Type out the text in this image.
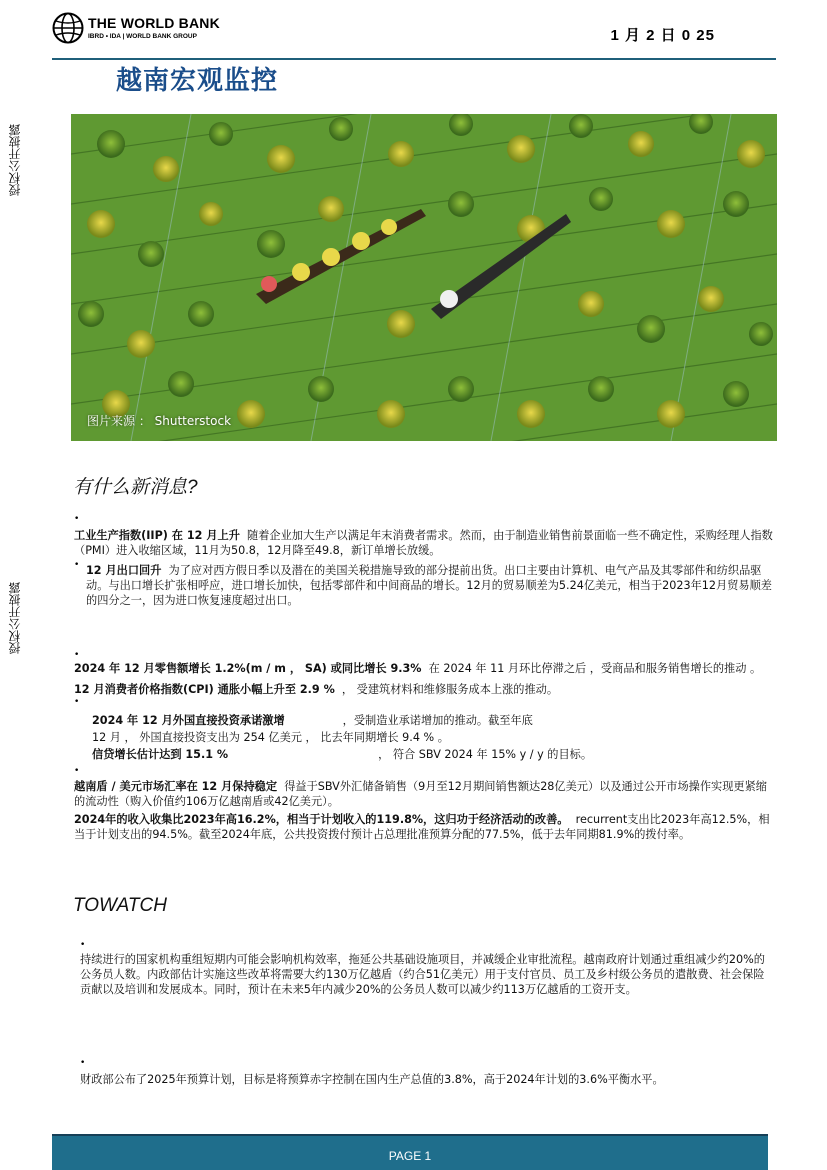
THE WORLD BANK
IBRD • IDA | WORLD BANK GROUP	1 月 2 日 0 25
越南宏观监控
授权公开披露
授权公开披露
图片来源 ： Shutterstock
有什么新消息?
•
工业生产指数(IIP) 在 12 月上升 随着企业加大生产以满足年末消费者需求。然而，由于制造业销售前景面临一些不确定性，采购经理人指数（PMI）进入收缩区域，11月为50.8，12月降至49.8，新订单增长放缓。
• 12 月出口回升 为了应对西方假日季以及潜在的美国关税措施导致的部分提前出货。出口主要由计算机、电气产品及其零部件和纺织品驱动。与出口增长扩张相呼应，进口增长加快，包括零部件和中间商品的增长。12月的贸易顺差为5.24亿美元，相当于2023年12月贸易顺差的四分之一，因为进口恢复速度超过出口。
•
2024 年 12 月零售额增长 1.2%(m / m ， SA) 或同比增长 9.3% 在 2024 年 11 月环比停滞之后 ，受商品和服务销售增长的推动 。
12 月消费者价格指数(CPI) 通胀小幅上升至 2.9 % ， 受建筑材料和维修服务成本上涨的推动。
•
2024 年 12 月外国直接投资承诺激增	，受制造业承诺增加的推动。截至年底
12 月 ， 外国直接投资支出为 254 亿美元 ， 比去年同期增长 9.4 % 。
信贷增长估计达到 15.1 %	， 符合 SBV 2024 年 15% y / y 的目标。
•
越南盾 / 美元市场汇率在 12 月保持稳定 得益于SBV外汇储备销售（9月至12月期间销售额达28亿美元）以及通过公开市场操作实现更紧缩的流动性（购入价值约106万亿越南盾或42亿美元）。
2024年的收入收集比2023年高16.2%，相当于计划收入的119.8%，这归功于经济活动的改善。 recurrent支出比2023年高12.5%，相当于计划支出的94.5%。截至2024年底，公共投资拨付预计占总理批准预算分配的77.5%，低于去年同期81.9%的拨付率。
TOWATCH
•
持续进行的国家机构重组短期内可能会影响机构效率，拖延公共基础设施项目，并减缓企业审批流程。越南政府计划通过重组减少约20%的公务员人数。内政部估计实施这些改革将需要大约130万亿越盾（约合51亿美元）用于支付官员、员工及乡村级公务员的遣散费、社会保险贡献以及培训和发展成本。同时，预计在未来5年内减少20%的公务员人数可以减少约113万亿越盾的工资开支。
•
财政部公布了2025年预算计划，目标是将预算赤字控制在国内生产总值的3.8%，高于2024年计划的3.6%平衡水平。
PAGE 1
